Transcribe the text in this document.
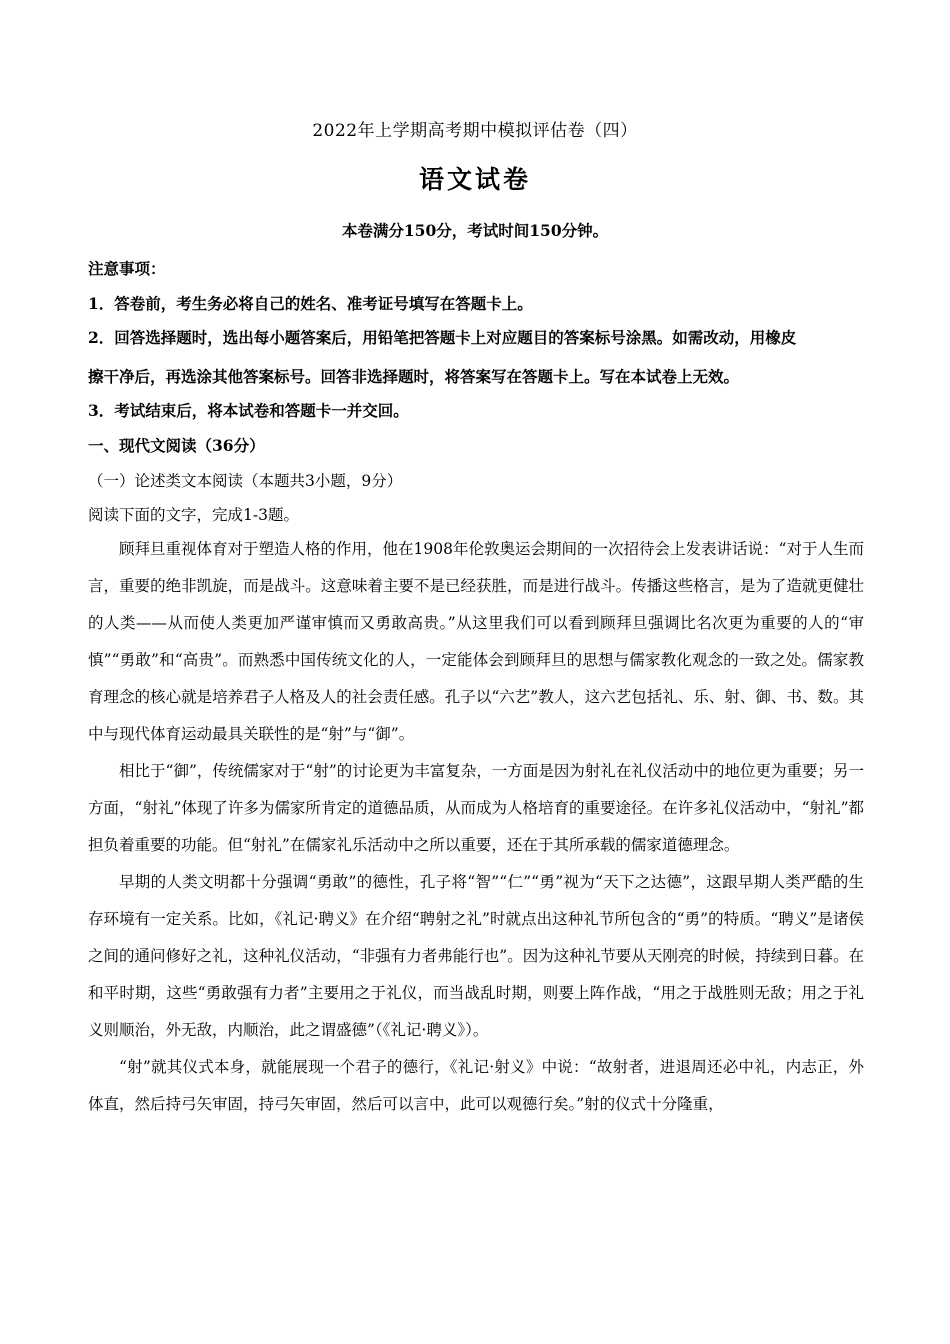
2022年上学期高考期中模拟评估卷（四）
语文试卷
本卷满分150分，考试时间150分钟。
注意事项：
1．答卷前，考生务必将自己的姓名、准考证号填写在答题卡上。
2．回答选择题时，选出每小题答案后，用铅笔把答题卡上对应题目的答案标号涂黑。如需改动，用橡皮
擦干净后，再选涂其他答案标号。回答非选择题时，将答案写在答题卡上。写在本试卷上无效。
3．考试结束后，将本试卷和答题卡一并交回。
一、现代文阅读（36分）
（一）论述类文本阅读（本题共3小题，9分）
阅读下面的文字，完成1-3题。

顾拜旦重视体育对于塑造人格的作用，他在1908年伦敦奥运会期间的一次招待会上发表讲话说：“对于人生而言，重要的绝非凯旋，而是战斗。这意味着主要不是已经获胜，而是进行战斗。传播这些格言，是为了造就更健壮的人类——从而使人类更加严谨审慎而又勇敢高贵。”从这里我们可以看到顾拜旦强调比名次更为重要的人的“审慎”“勇敢”和“高贵”。而熟悉中国传统文化的人，一定能体会到顾拜旦的思想与儒家教化观念的一致之处。儒家教育理念的核心就是培养君子人格及人的社会责任感。孔子以“六艺”教人，这六艺包括礼、乐、射、御、书、数。其中与现代体育运动最具关联性的是“射”与“御”。

相比于“御”，传统儒家对于“射”的讨论更为丰富复杂，一方面是因为射礼在礼仪活动中的地位更为重要；另一方面，“射礼”体现了许多为儒家所肯定的道德品质，从而成为人格培育的重要途径。在许多礼仪活动中，“射礼”都担负着重要的功能。但“射礼”在儒家礼乐活动中之所以重要，还在于其所承载的儒家道德理念。

早期的人类文明都十分强调“勇敢”的德性，孔子将“智”“仁”“勇”视为“天下之达德”，这跟早期人类严酷的生存环境有一定关系。比如，《礼记·聘义》在介绍“聘射之礼”时就点出这种礼节所包含的“勇”的特质。“聘义”是诸侯之间的通问修好之礼，这种礼仪活动，“非强有力者弗能行也”。因为这种礼节要从天刚亮的时候，持续到日暮。在和平时期，这些“勇敢强有力者”主要用之于礼仪，而当战乱时期，则要上阵作战，“用之于战胜则无敌；用之于礼义则顺治，外无敌，内顺治，此之谓盛德”（《礼记·聘义》）。

“射”就其仪式本身，就能展现一个君子的德行，《礼记·射义》中说：“故射者，进退周还必中礼，内志正，外体直，然后持弓矢审固，持弓矢审固，然后可以言中，此可以观德行矣。”射的仪式十分隆重，
